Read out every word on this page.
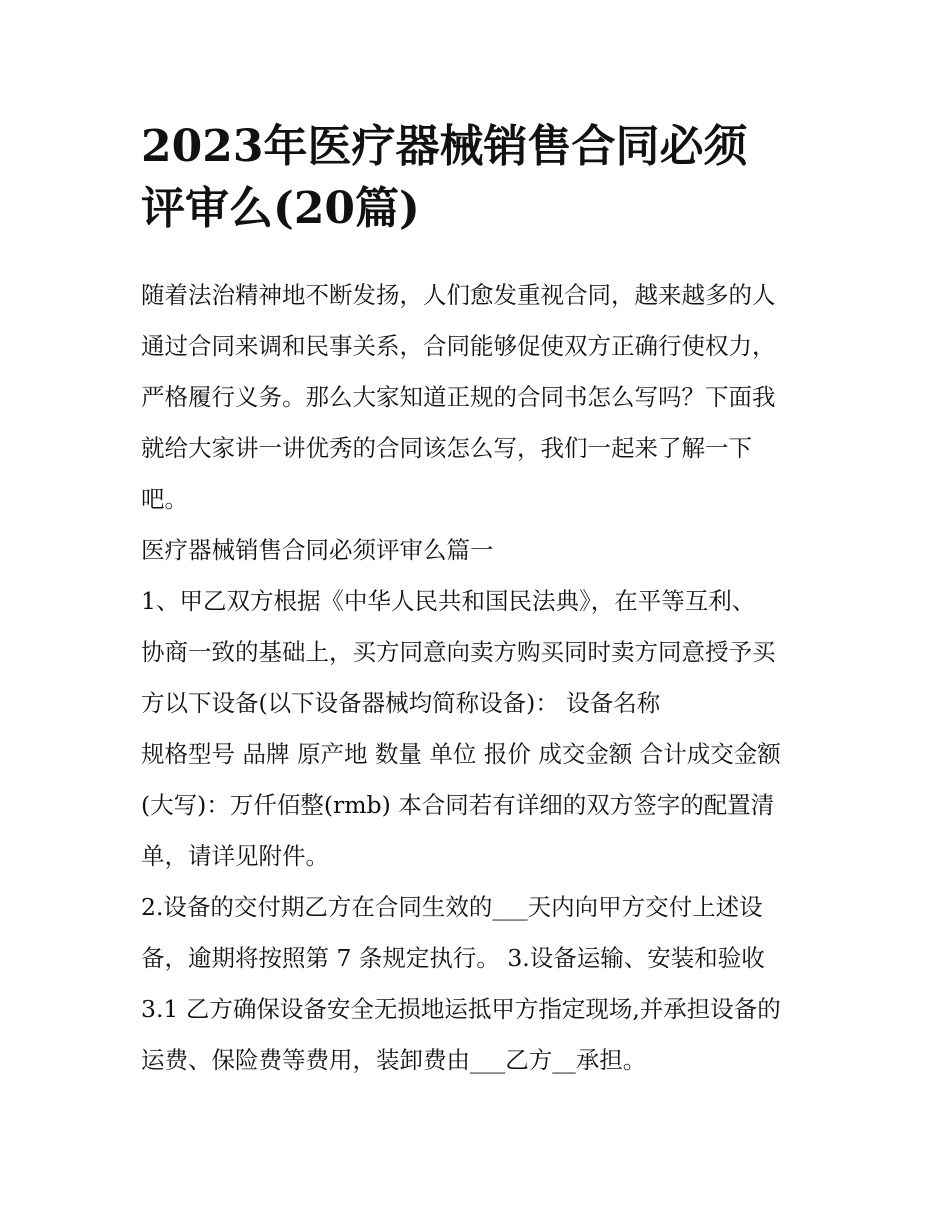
2023年医疗器械销售合同必须
评审么(20篇)

随着法治精神地不断发扬，人们愈发重视合同，越来越多的人
通过合同来调和民事关系，合同能够促使双方正确行使权力，
严格履行义务。那么大家知道正规的合同书怎么写吗？下面我
就给大家讲一讲优秀的合同该怎么写，我们一起来了解一下
吧。

医疗器械销售合同必须评审么篇一

1、甲乙双方根据《中华人民共和国民法典》，在平等互利、
协商一致的基础上，买方同意向卖方购买同时卖方同意授予买
方以下设备(以下设备器械均简称设备)： 设备名称
规格型号 品牌 原产地 数量 单位 报价 成交金额 合计成交金额
(大写)：万仟佰整(rmb) 本合同若有详细的双方签字的配置清
单，请详见附件。

2.设备的交付期乙方在合同生效的___天内向甲方交付上述设
备，逾期将按照第 7 条规定执行。 3.设备运输、安装和验收
3.1 乙方确保设备安全无损地运抵甲方指定现场,并承担设备的
运费、保险费等费用，装卸费由___乙方__承担。
